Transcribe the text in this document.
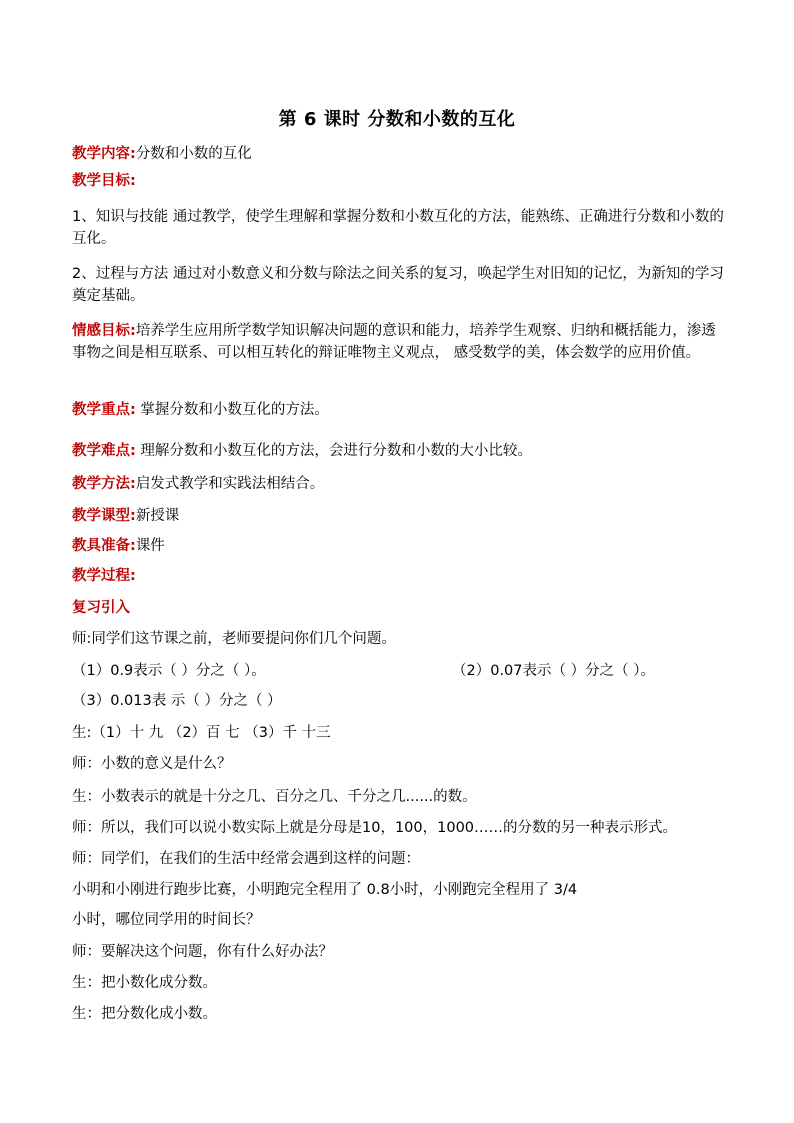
第 6 课时 分数和小数的互化
教学内容:分数和小数的互化
教学目标:
1、知识与技能 通过教学，使学生理解和掌握分数和小数互化的方法，能熟练、正确进行分数和小数的互化。
2、过程与方法 通过对小数意义和分数与除法之间关系的复习，唤起学生对旧知的记忆，为新知的学习奠定基础。
情感目标:培养学生应用所学数学知识解决问题的意识和能力，培养学生观察、归纳和概括能力，渗透事物之间是相互联系、可以相互转化的辩证唯物主义观点， 感受数学的美，体会数学的应用价值。
教学重点: 掌握分数和小数互化的方法。
教学难点: 理解分数和小数互化的方法，会进行分数和小数的大小比较。
教学方法:启发式教学和实践法相结合。
教学课型:新授课
教具准备:课件
教学过程:
复习引入
师:同学们这节课之前，老师要提问你们几个问题。
（1）0.9表示（ ）分之（ ）。	（2）0.07表示（ ）分之（ ）。
（3）0.013表 示（ ）分之（ ）
生:（1）十 九 （2）百 七 （3）千 十三
师：小数的意义是什么？
生：小数表示的就是十分之几、百分之几、千分之几......的数。
师：所以，我们可以说小数实际上就是分母是10，100，1000……的分数的另一种表示形式。
师：同学们，在我们的生活中经常会遇到这样的问题：
小明和小刚进行跑步比赛，小明跑完全程用了 0.8小时，小刚跑完全程用了 3/4
小时，哪位同学用的时间长？
师：要解决这个问题，你有什么好办法？
生：把小数化成分数。
生：把分数化成小数。
